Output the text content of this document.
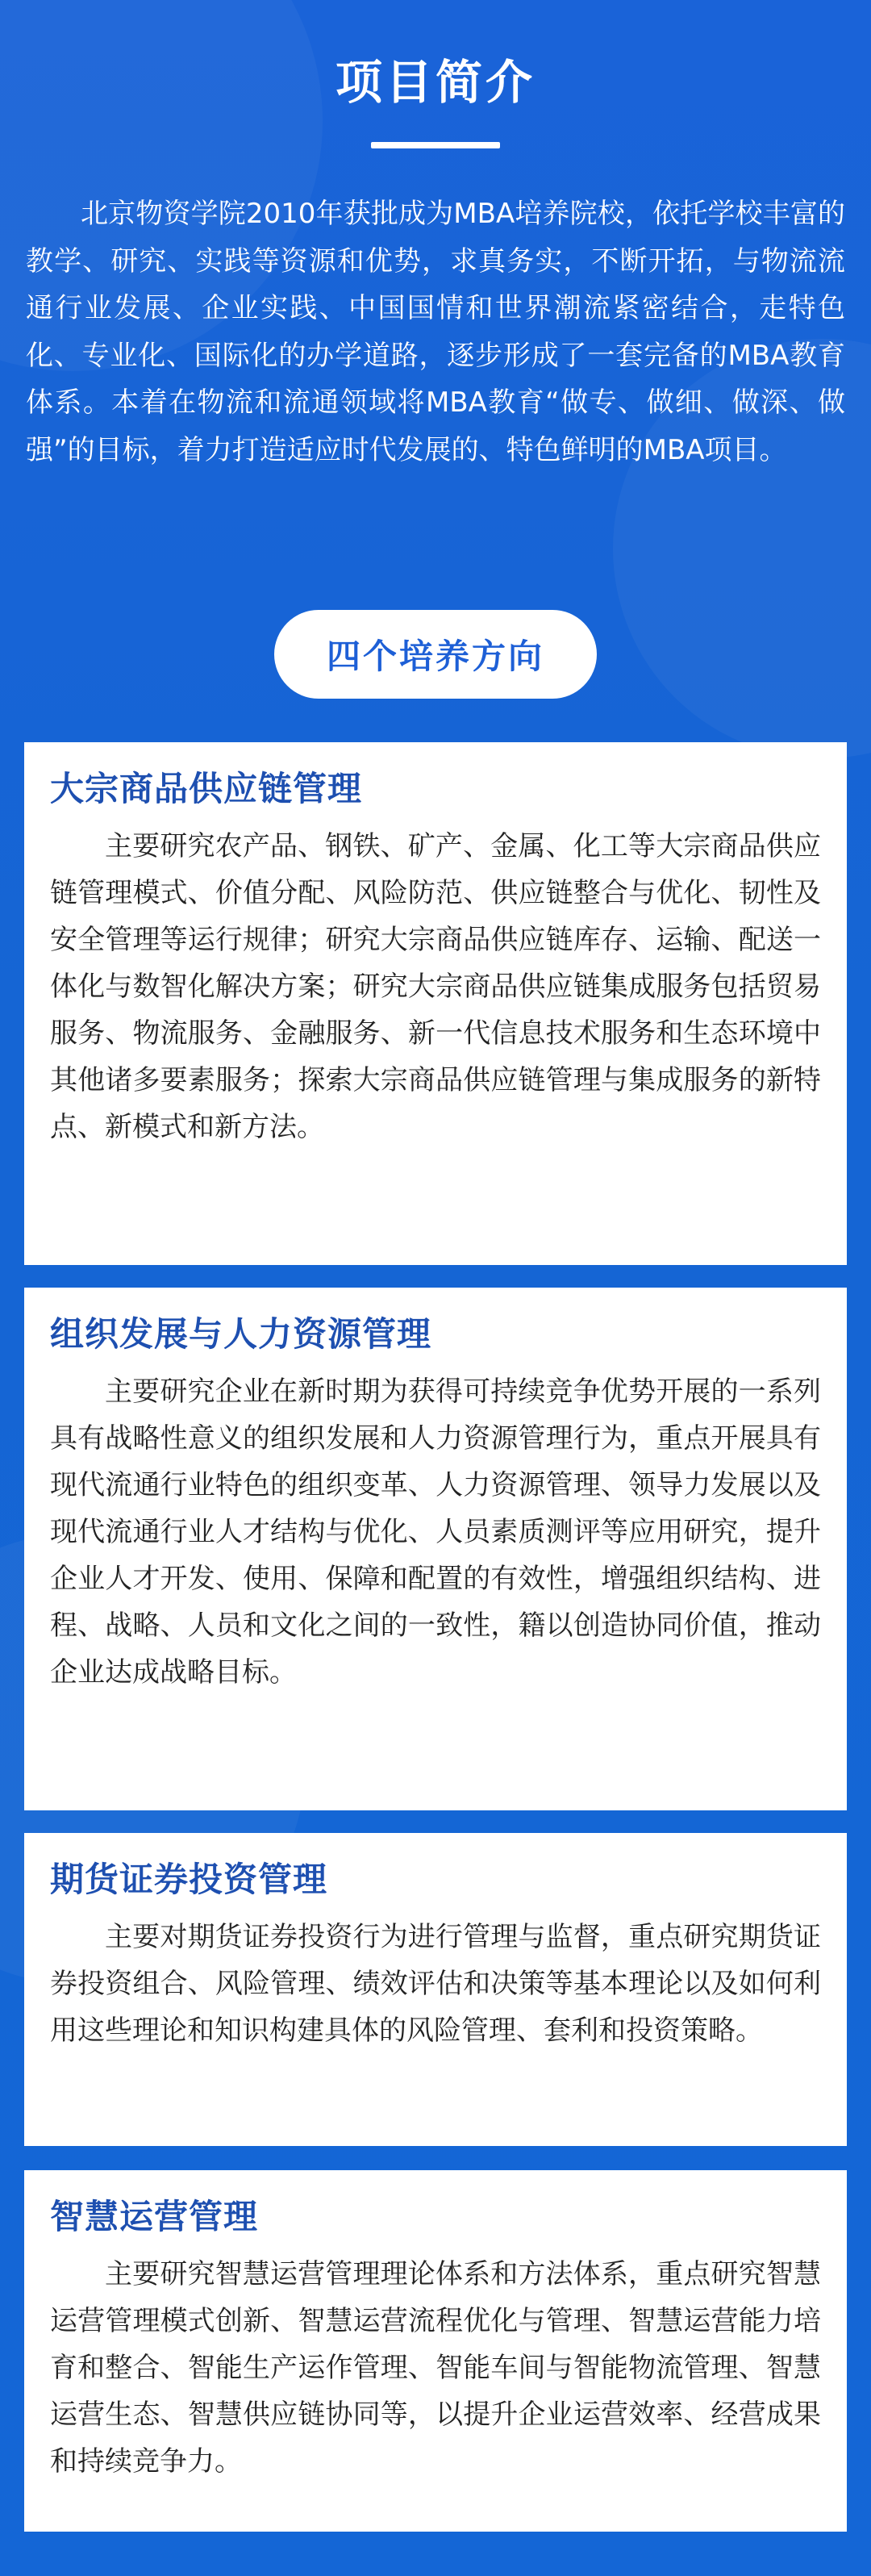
项目简介
北京物资学院2010年获批成为MBA培养院校，依托学校丰富的教学、研究、实践等资源和优势，求真务实，不断开拓，与物流流通行业发展、企业实践、中国国情和世界潮流紧密结合，走特色化、专业化、国际化的办学道路，逐步形成了一套完备的MBA教育体系。本着在物流和流通领域将MBA教育“做专、做细、做深、做强”的目标，着力打造适应时代发展的、特色鲜明的MBA项目。
四个培养方向
大宗商品供应链管理
主要研究农产品、钢铁、矿产、金属、化工等大宗商品供应链管理模式、价值分配、风险防范、供应链整合与优化、韧性及安全管理等运行规律；研究大宗商品供应链库存、运输、配送一体化与数智化解决方案；研究大宗商品供应链集成服务包括贸易服务、物流服务、金融服务、新一代信息技术服务和生态环境中其他诸多要素服务；探索大宗商品供应链管理与集成服务的新特点、新模式和新方法。
组织发展与人力资源管理
主要研究企业在新时期为获得可持续竞争优势开展的一系列具有战略性意义的组织发展和人力资源管理行为，重点开展具有现代流通行业特色的组织变革、人力资源管理、领导力发展以及现代流通行业人才结构与优化、人员素质测评等应用研究，提升企业人才开发、使用、保障和配置的有效性，增强组织结构、进程、战略、人员和文化之间的一致性，籍以创造协同价值，推动企业达成战略目标。
期货证券投资管理
主要对期货证券投资行为进行管理与监督，重点研究期货证券投资组合、风险管理、绩效评估和决策等基本理论以及如何利用这些理论和知识构建具体的风险管理、套利和投资策略。
智慧运营管理
主要研究智慧运营管理理论体系和方法体系，重点研究智慧运营管理模式创新、智慧运营流程优化与管理、智慧运营能力培育和整合、智能生产运作管理、智能车间与智能物流管理、智慧运营生态、智慧供应链协同等，以提升企业运营效率、经营成果和持续竞争力。
